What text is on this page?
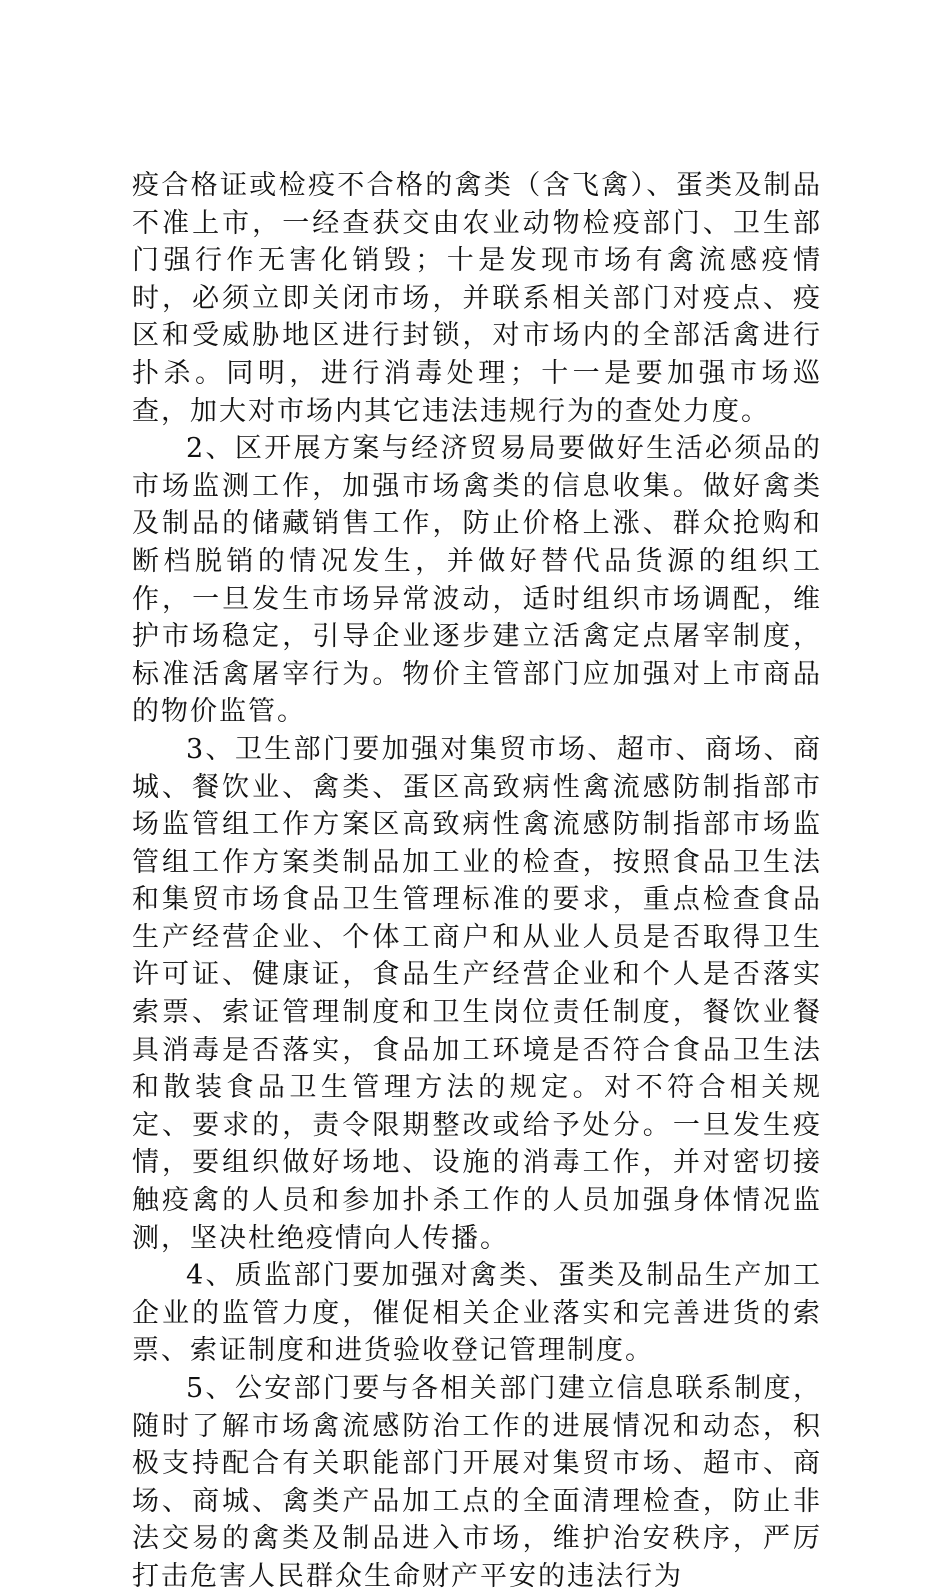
疫合格证或检疫不合格的禽类（含飞禽）、蛋类及制品不准上市，一经查获交由农业动物检疫部门、卫生部门强行作无害化销毁；十是发现市场有禽流感疫情时，必须立即关闭市场，并联系相关部门对疫点、疫区和受威胁地区进行封锁，对市场内的全部活禽进行扑杀。同明，进行消毒处理；十一是要加强市场巡查，加大对市场内其它违法违规行为的查处力度。

2、区开展方案与经济贸易局要做好生活必须品的市场监测工作，加强市场禽类的信息收集。做好禽类及制品的储藏销售工作，防止价格上涨、群众抢购和断档脱销的情况发生，并做好替代品货源的组织工作，一旦发生市场异常波动，适时组织市场调配，维护市场稳定，引导企业逐步建立活禽定点屠宰制度，标准活禽屠宰行为。物价主管部门应加强对上市商品的物价监管。

3、卫生部门要加强对集贸市场、超市、商场、商城、餐饮业、禽类、蛋区高致病性禽流感防制指部市场监管组工作方案区高致病性禽流感防制指部市场监管组工作方案类制品加工业的检查，按照食品卫生法和集贸市场食品卫生管理标准的要求，重点检查食品生产经营企业、个体工商户和从业人员是否取得卫生许可证、健康证，食品生产经营企业和个人是否落实索票、索证管理制度和卫生岗位责任制度，餐饮业餐具消毒是否落实，食品加工环境是否符合食品卫生法和散装食品卫生管理方法的规定。对不符合相关规定、要求的，责令限期整改或给予处分。一旦发生疫情，要组织做好场地、设施的消毒工作，并对密切接触疫禽的人员和参加扑杀工作的人员加强身体情况监测，坚决杜绝疫情向人传播。

4、质监部门要加强对禽类、蛋类及制品生产加工企业的监管力度，催促相关企业落实和完善进货的索票、索证制度和进货验收登记管理制度。

5、公安部门要与各相关部门建立信息联系制度，随时了解市场禽流感防治工作的进展情况和动态，积极支持配合有关职能部门开展对集贸市场、超市、商场、商城、禽类产品加工点的全面清理检查，防止非法交易的禽类及制品进入市场，维护治安秩序，严厉打击危害人民群众生命财产平安的违法行为
